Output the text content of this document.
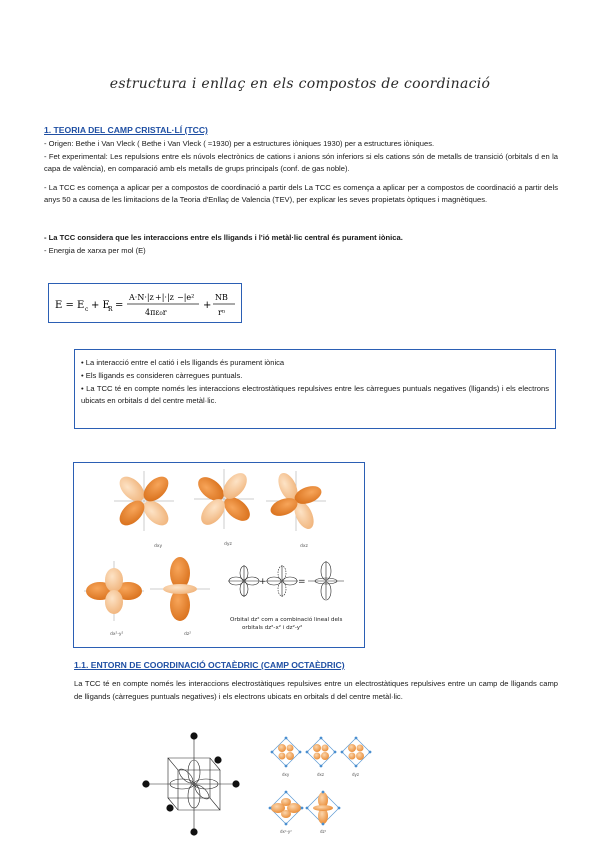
estructura i enllaç en els compostos de coordinació
1. TEORIA DEL CAMP CRISTAL·LÍ (TCC)
- Origen: Bethe i Van Vleck ( Bethe i Van Vleck ( ≈1930) per a estructures iòniques 1930) per a estructures iòniques.
- Fet experimental: Les repulsions entre els núvols electrònics de cations i anions són inferiors si els cations són de metalls de transició (orbitals d en la capa de valència), en comparació amb els metalls de grups principals (conf. de gas noble).
- La TCC es comença a aplicar per a compostos de coordinació a partir dels La TCC es comença a aplicar per a compostos de coordinació a partir dels anys 50 a causa de les limitacions de la Teoria d'Enllaç de Valencia (TEV), per explicar les seves propietats òptiques i magnètiques.
- La TCC considera que les interaccions entre els lligands i l'ió metàl·lic central és purament iònica.
- Energia de xarxa per mol (E)
E = E c + E
R =
A·N·|z +|·|z −|e²
4πε₀r
+
NB
rⁿ
• La interacció entre el catió i els lligands és purament iònica
• Els lligands es consideren càrregues puntuals.
• La TCC té en compte només les interaccions electrostàtiques repulsives entre les càrregues puntuals negatives (lligands) i els electrons ubicats en orbitals d del centre metàl·lic.
dxy	dyz	dxz
dx²-y²	dz²
+	=
Orbital dz² com a combinació lineal dels
orbitals dz²-x² i dz²-y²
1.1. ENTORN DE COORDINACIÓ OCTAÈDRIC (CAMP OCTAÈDRIC)
La TCC té en compte només les interaccions electrostàtiques repulsives entre un electrostàtiques repulsives entre un camp de lligands camp de lligands (càrregues puntuals negatives) i els electrons ubicats en orbitals d del centre metàl·lic.
dxy	dxz	dyz
dx²-y²	dz²
